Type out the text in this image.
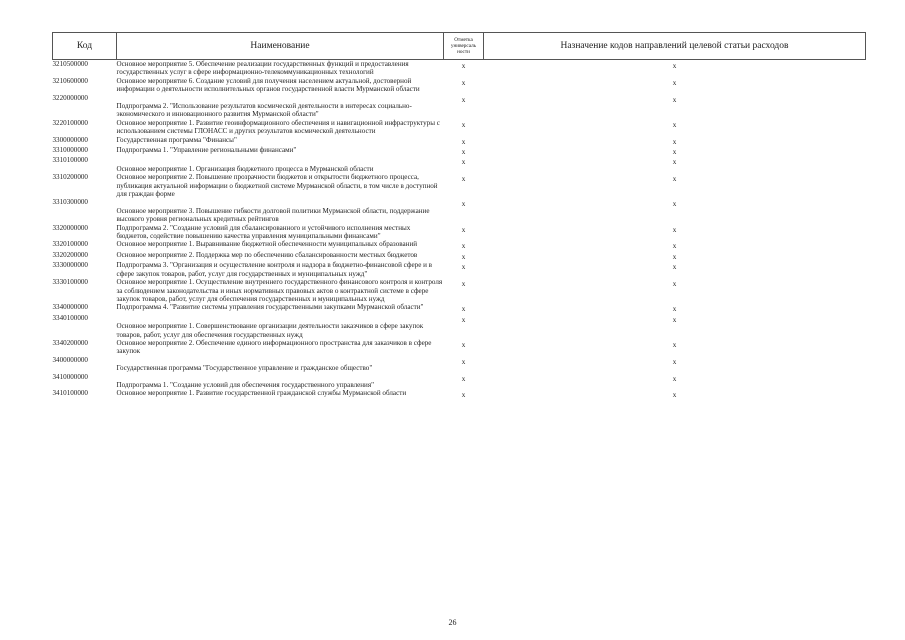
Код	Наименование	Отметка универсаль ности	Назначение кодов направлений целевой статьи расходов
3210500000	Основное мероприятие 5. Обеспечение реализации государственных функций и предоставления государственных услуг в сфере информационно-телекоммуникационных технологий	x	x
3210600000	Основное мероприятие 6. Создание условий для получения населением актуальной, достоверной информации о деятельности исполнительных органов государственной власти Мурманской области	x	x
3220000000	Подпрограмма 2. "Использование результатов космической деятельности в интересах социально-экономического и инновационного развития Мурманской области"	x	x
3220100000	Основное мероприятие 1. Развитие геоинформационного обеспечения и навигационной инфраструктуры с использованием системы ГЛОНАСС и других результатов космической деятельности	x	x
3300000000	Государственная программа "Финансы"	x	x
3310000000	Подпрограмма 1. "Управление региональными финансами"	x	x
3310100000	Основное мероприятие 1. Организация бюджетного процесса в Мурманской области	x	x
3310200000	Основное мероприятие 2. Повышение прозрачности бюджетов и открытости бюджетного процесса, публикация актуальной информации о бюджетной системе Мурманской области, в том числе в доступной для граждан форме	x	x
3310300000	Основное мероприятие 3. Повышение гибкости долговой политики Мурманской области, поддержание высокого уровня региональных кредитных рейтингов	x	x
3320000000	Подпрограмма 2. "Создание условий для сбалансированного и устойчивого исполнения местных бюджетов, содействие повышению качества управления муниципальными финансами"	x	x
3320100000	Основное мероприятие 1. Выравнивание бюджетной обеспеченности муниципальных образований	x	x
3320200000	Основное мероприятие 2. Поддержка мер по обеспечению сбалансированности местных бюджетов	x	x
3330000000	Подпрограмма 3. "Организация и осуществление контроля и надзора в бюджетно-финансовой сфере и в сфере закупок товаров, работ, услуг для государственных и муниципальных нужд"	x	x
3330100000	Основное мероприятие 1. Осуществление внутреннего государственного финансового контроля и контроля за соблюдением законодательства и иных нормативных правовых актов о контрактной системе в сфере закупок товаров, работ, услуг для обеспечения государственных и муниципальных нужд	x	x
3340000000	Подпрограмма 4. "Развитие системы управления государственными закупками Мурманской области"	x	x
3340100000	Основное мероприятие 1. Совершенствование организации деятельности заказчиков в сфере закупок товаров, работ, услуг для обеспечения государственных нужд	x	x
3340200000	Основное мероприятие 2. Обеспечение единого информационного пространства для заказчиков в сфере закупок	x	x
3400000000	Государственная программа "Государственное управление и гражданское общество"	x	x
3410000000	Подпрограмма 1. "Создание условий для обеспечения государственного управления"	x	x
3410100000	Основное мероприятие 1. Развитие государственной гражданской службы Мурманской области	x	x
26
